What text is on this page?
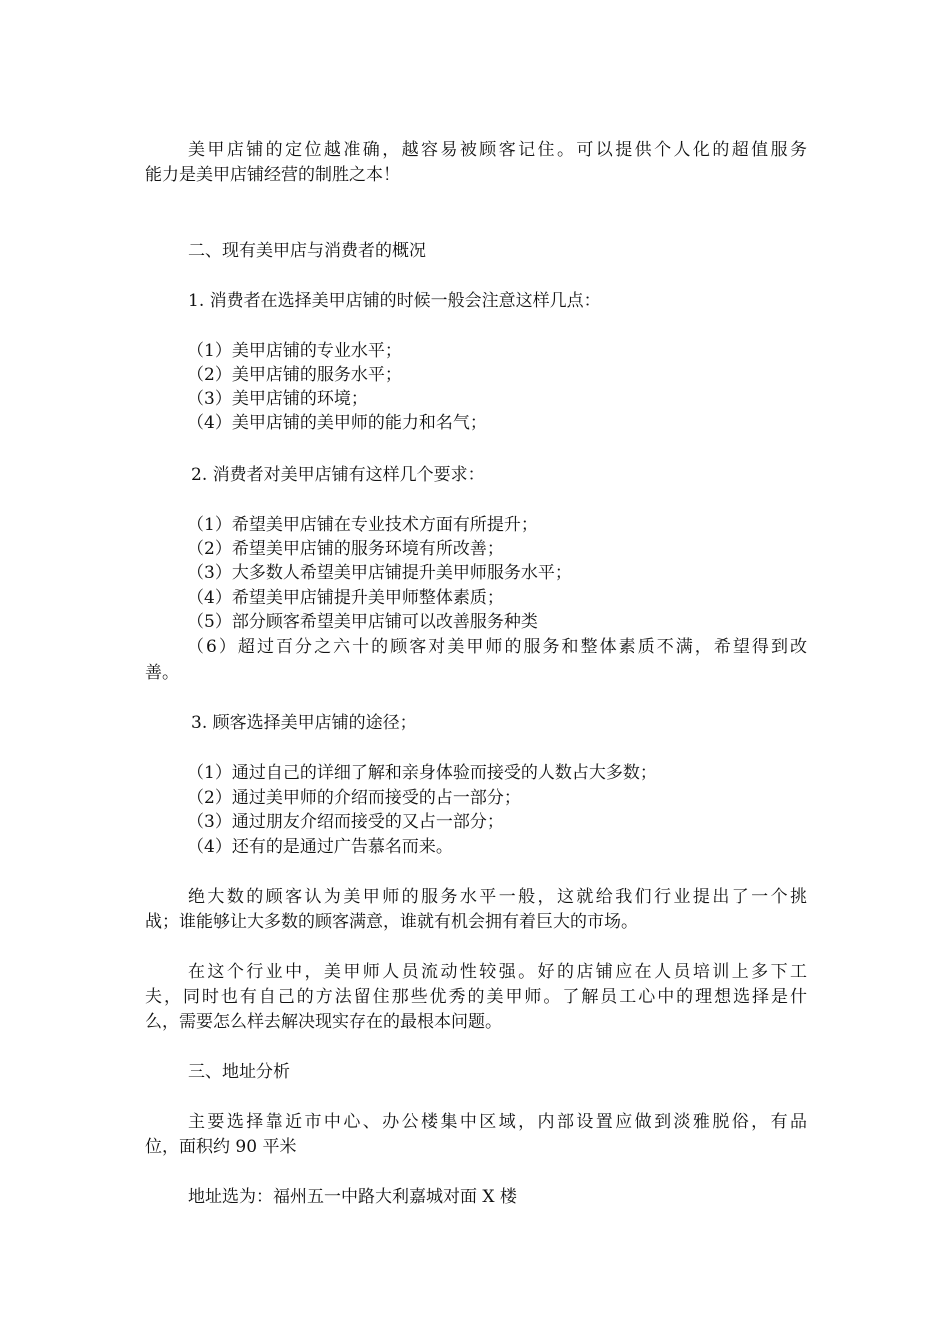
美甲店铺的定位越准确，越容易被顾客记住。可以提供个人化的超值服务

能力是美甲店铺经营的制胜之本！

二、现有美甲店与消费者的概况

1. 消费者在选择美甲店铺的时候一般会注意这样几点：

（1）美甲店铺的专业水平；

（2）美甲店铺的服务水平；

（3）美甲店铺的环境；

（4）美甲店铺的美甲师的能力和名气；

2. 消费者对美甲店铺有这样几个要求：

（1）希望美甲店铺在专业技术方面有所提升；

（2）希望美甲店铺的服务环境有所改善；

（3）大多数人希望美甲店铺提升美甲师服务水平；

（4）希望美甲店铺提升美甲师整体素质；

（5）部分顾客希望美甲店铺可以改善服务种类

（6）超过百分之六十的顾客对美甲师的服务和整体素质不满，希望得到改

善。

3. 顾客选择美甲店铺的途径；

（1）通过自己的详细了解和亲身体验而接受的人数占大多数；

（2）通过美甲师的介绍而接受的占一部分；

（3）通过朋友介绍而接受的又占一部分；

（4）还有的是通过广告慕名而来。

绝大数的顾客认为美甲师的服务水平一般，这就给我们行业提出了一个挑

战；谁能够让大多数的顾客满意，谁就有机会拥有着巨大的市场。

在这个行业中，美甲师人员流动性较强。好的店铺应在人员培训上多下工

夫，同时也有自己的方法留住那些优秀的美甲师。了解员工心中的理想选择是什

么，需要怎么样去解决现实存在的最根本问题。

三、地址分析

主要选择靠近市中心、办公楼集中区域，内部设置应做到淡雅脱俗，有品

位，面积约 90 平米

地址选为：福州五一中路大利嘉城对面 X 楼
